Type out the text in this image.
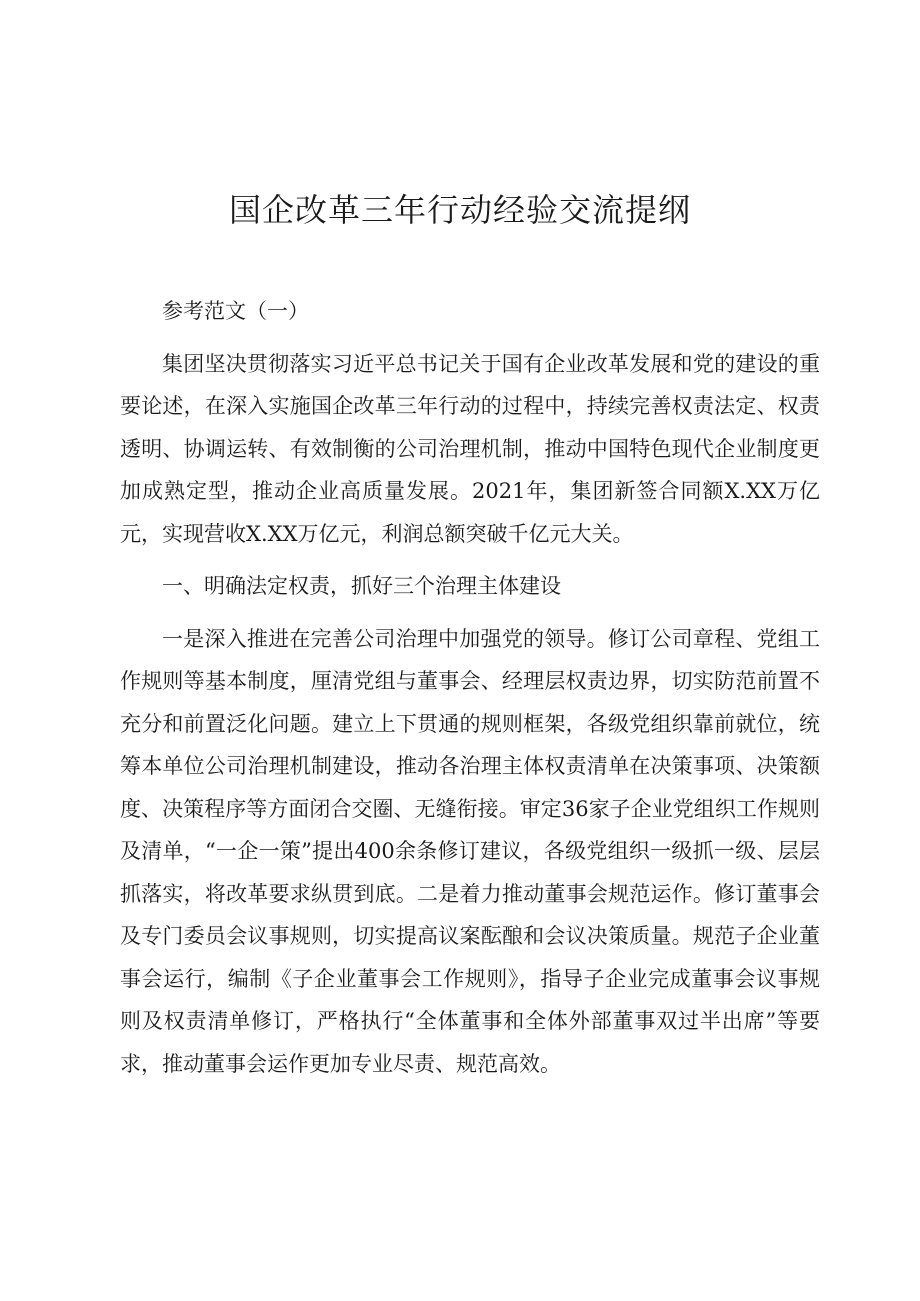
国企改革三年行动经验交流提纲

参考范文（一）

集团坚决贯彻落实习近平总书记关于国有企业改革发展和党的建设的重要论述，在深入实施国企改革三年行动的过程中，持续完善权责法定、权责透明、协调运转、有效制衡的公司治理机制，推动中国特色现代企业制度更加成熟定型，推动企业高质量发展。2021年，集团新签合同额X.XX万亿元，实现营收X.XX万亿元，利润总额突破千亿元大关。

一、明确法定权责，抓好三个治理主体建设

一是深入推进在完善公司治理中加强党的领导。修订公司章程、党组工作规则等基本制度，厘清党组与董事会、经理层权责边界，切实防范前置不充分和前置泛化问题。建立上下贯通的规则框架，各级党组织靠前就位，统筹本单位公司治理机制建设，推动各治理主体权责清单在决策事项、决策额度、决策程序等方面闭合交圈、无缝衔接。审定36家子企业党组织工作规则及清单，“一企一策”提出400余条修订建议，各级党组织一级抓一级、层层抓落实，将改革要求纵贯到底。二是着力推动董事会规范运作。修订董事会及专门委员会议事规则，切实提高议案酝酿和会议决策质量。规范子企业董事会运行，编制《子企业董事会工作规则》，指导子企业完成董事会议事规则及权责清单修订，严格执行“全体董事和全体外部董事双过半出席”等要求，推动董事会运作更加专业尽责、规范高效。
